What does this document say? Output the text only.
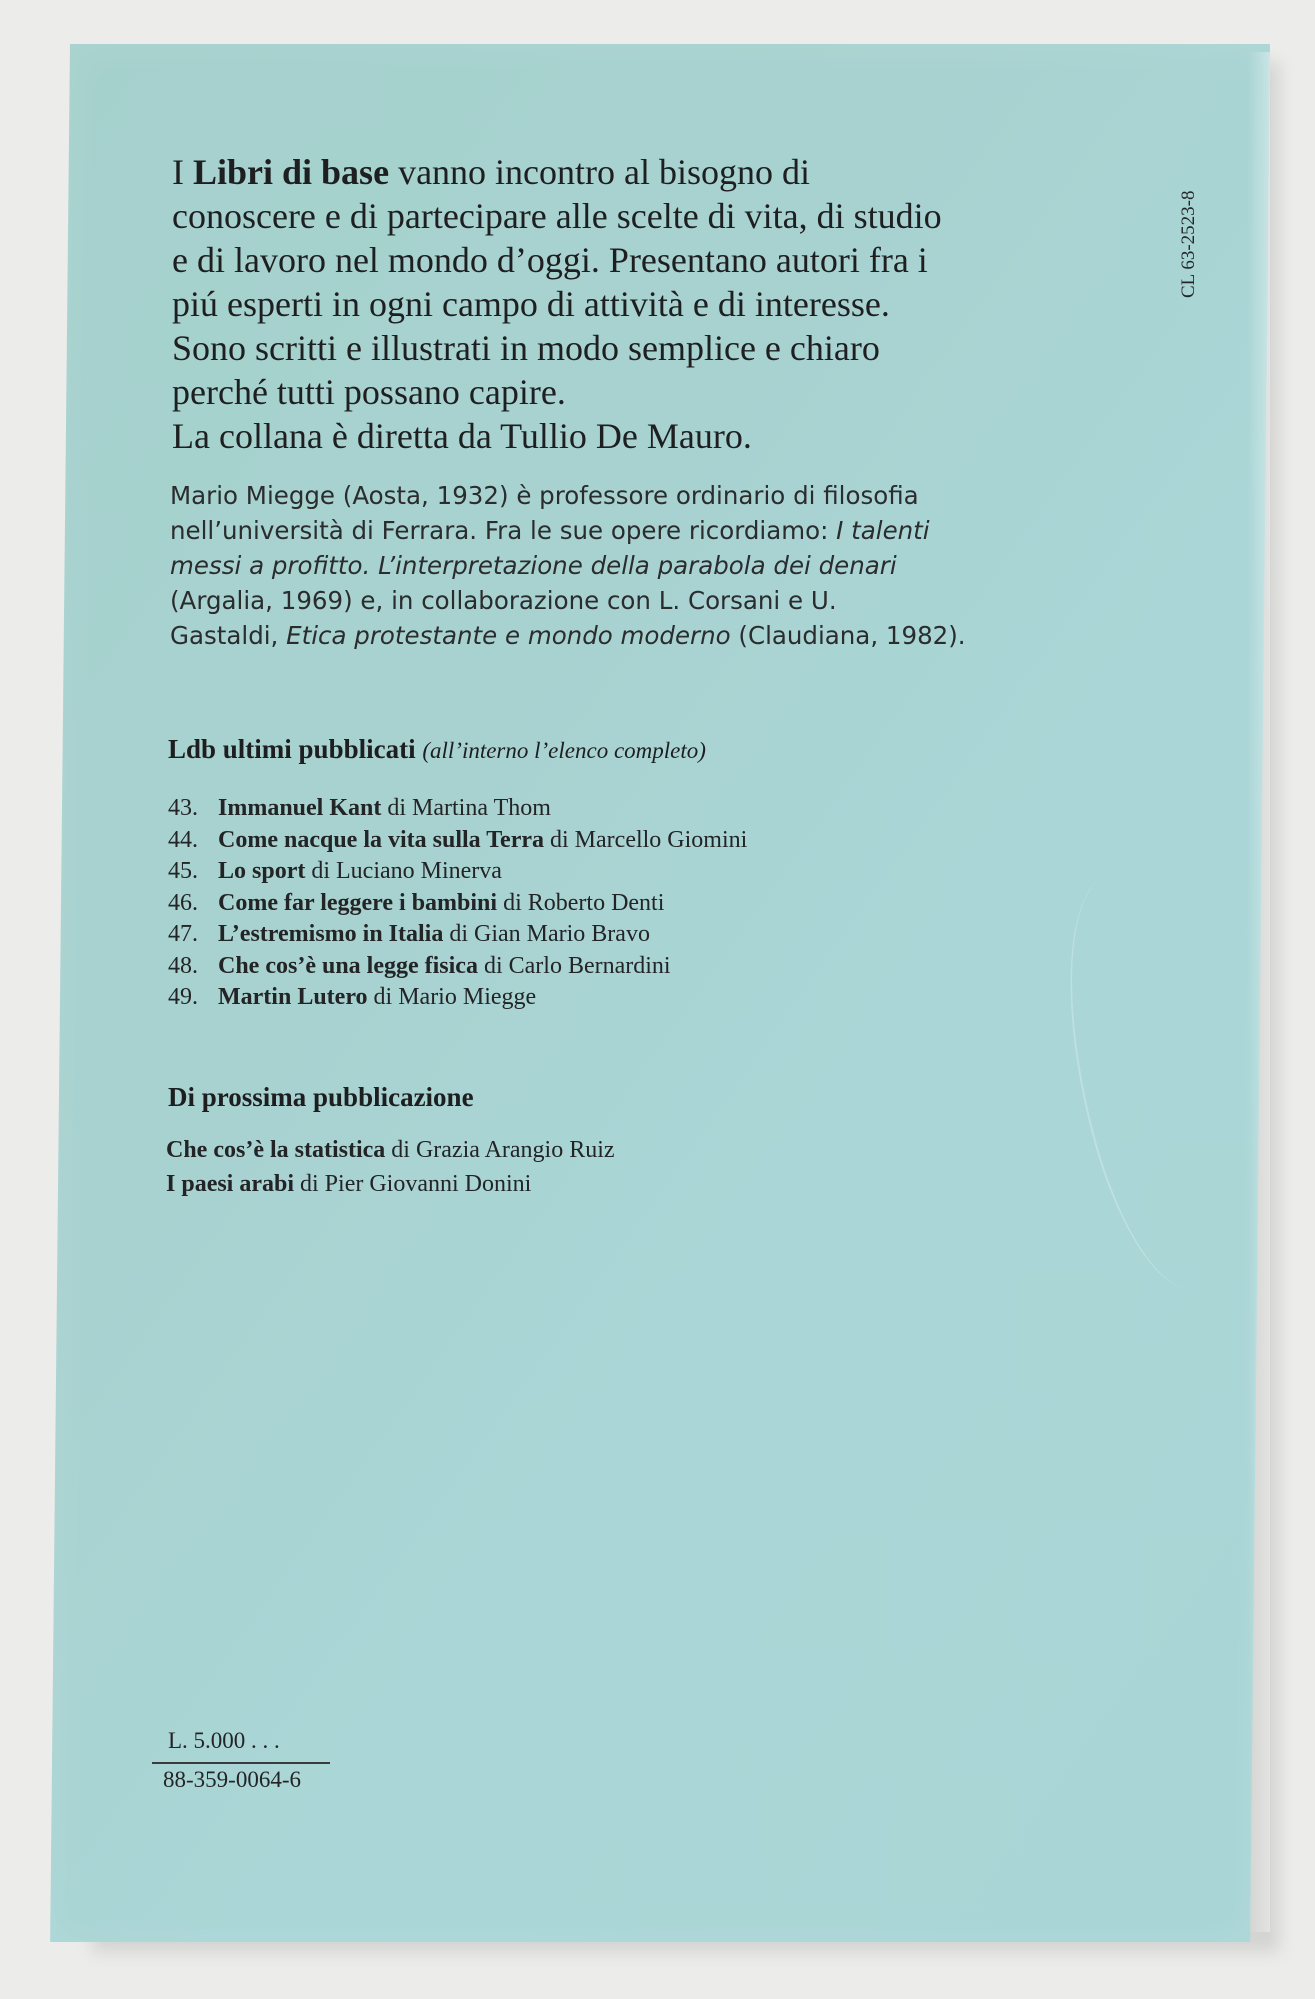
I Libri di base vanno incontro al bisogno di
conoscere e di partecipare alle scelte di vita, di studio
e di lavoro nel mondo d’oggi. Presentano autori fra i
piú esperti in ogni campo di attività e di interesse.
Sono scritti e illustrati in modo semplice e chiaro
perché tutti possano capire.
La collana è diretta da Tullio De Mauro.
CL 63-2523-8
Mario Miegge (Aosta, 1932) è professore ordinario di filosofia
nell’università di Ferrara. Fra le sue opere ricordiamo: I talenti
messi a profitto. L’interpretazione della parabola dei denari
(Argalia, 1969) e, in collaborazione con L. Corsani e U.
Gastaldi, Etica protestante e mondo moderno (Claudiana, 1982).
Ldb ultimi pubblicati (all’interno l’elenco completo)
43. Immanuel Kant di Martina Thom
44. Come nacque la vita sulla Terra di Marcello Giomini
45. Lo sport di Luciano Minerva
46. Come far leggere i bambini di Roberto Denti
47. L’estremismo in Italia di Gian Mario Bravo
48. Che cos’è una legge fisica di Carlo Bernardini
49. Martin Lutero di Mario Miegge
Di prossima pubblicazione
Che cos’è la statistica di Grazia Arangio Ruiz
I paesi arabi di Pier Giovanni Donini
L. 5.000 . . .
88-359-0064-6
